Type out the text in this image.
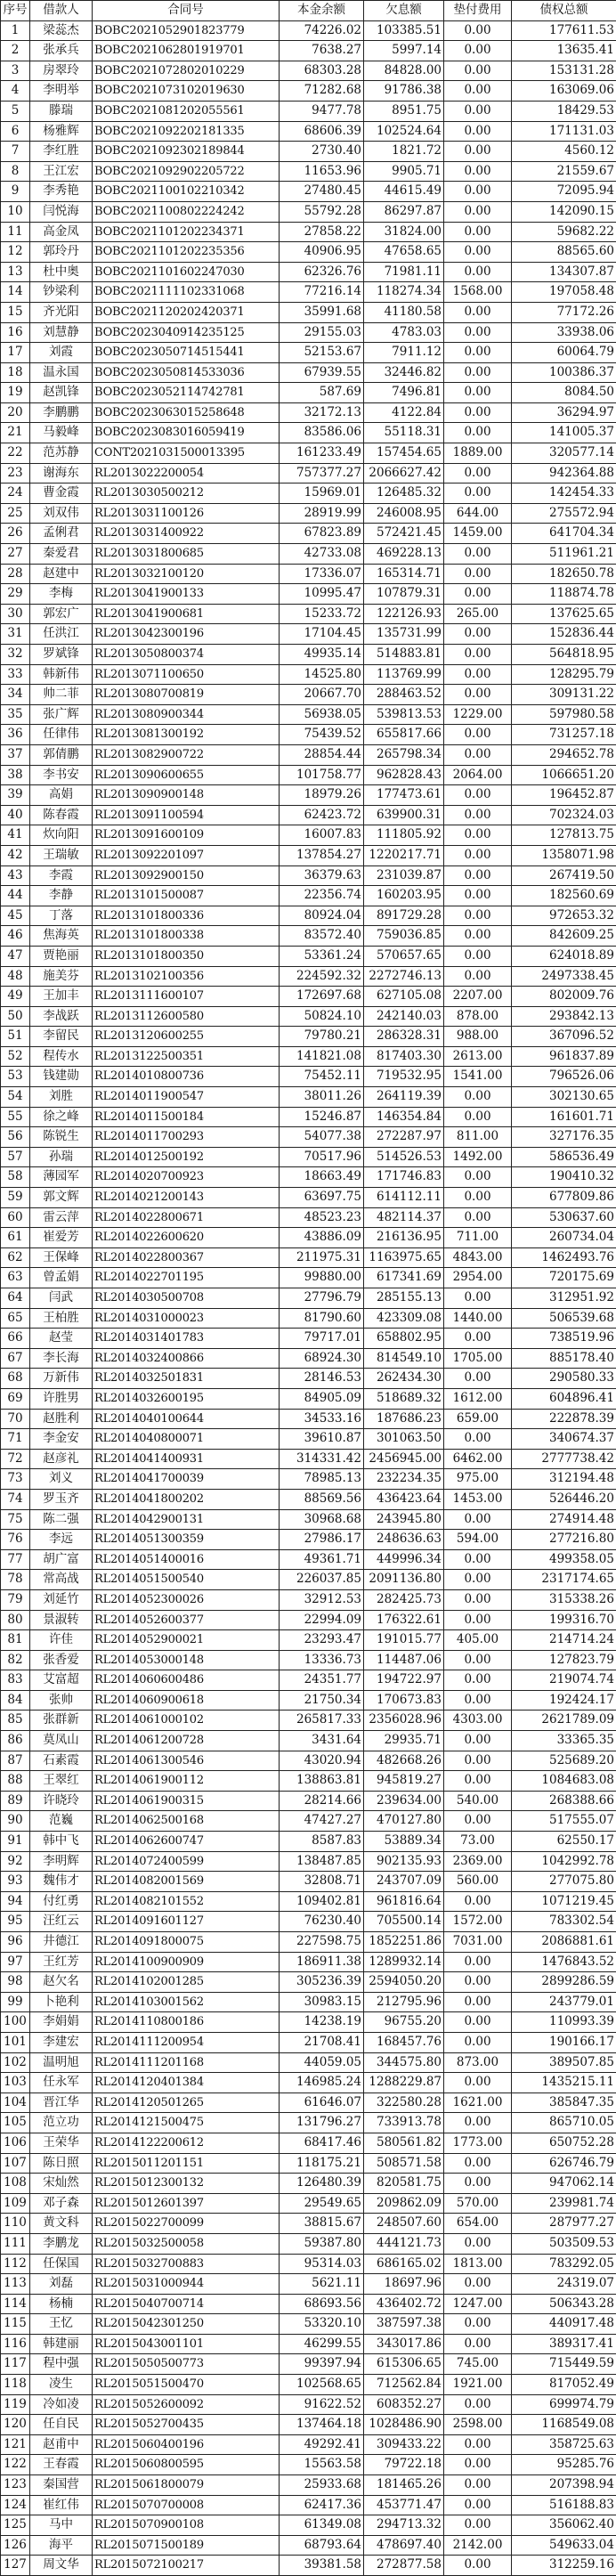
序号	借款人	合同号	本金余额	欠息额	垫付费用	债权总额
1	梁蕊杰	BOBC2021052901823779	74226.02	103385.51	0.00	177611.53
2	张承兵	BOBC2021062801919701	7638.27	5997.14	0.00	13635.41
3	房翠玲	BOBC2021072802010229	68303.28	84828.00	0.00	153131.28
4	李明举	BOBC2021073102019630	71282.68	91786.38	0.00	163069.06
5	滕瑞	BOBC2021081202055561	9477.78	8951.75	0.00	18429.53
6	杨雅辉	BOBC2021092202181335	68606.39	102524.64	0.00	171131.03
7	李红胜	BOBC2021092302189844	2730.40	1821.72	0.00	4560.12
8	王江宏	BOBC2021092902205722	11653.96	9905.71	0.00	21559.67
9	李秀艳	BOBC2021100102210342	27480.45	44615.49	0.00	72095.94
10	闫悦海	BOBC2021100802224242	55792.28	86297.87	0.00	142090.15
11	高金凤	BOBC2021101202234371	27858.22	31824.00	0.00	59682.22
12	郭玲丹	BOBC2021101202235356	40906.95	47658.65	0.00	88565.60
13	杜中奥	BOBC2021101602247030	62326.76	71981.11	0.00	134307.87
14	钞梁利	BOBC2021111102331068	77216.14	118274.34	1568.00	197058.48
15	齐光阳	BOBC2021120202420371	35991.68	41180.58	0.00	77172.26
16	刘慧静	BOBC2023040914235125	29155.03	4783.03	0.00	33938.06
17	刘霞	BOBC2023050714515441	52153.67	7911.12	0.00	60064.79
18	温永国	BOBC2023050814533036	67939.55	32446.82	0.00	100386.37
19	赵凯锋	BOBC2023052114742781	587.69	7496.81	0.00	8084.50
20	李鹏鹏	BOBC2023063015258648	32172.13	4122.84	0.00	36294.97
21	马毅峰	BOBC2023083016059419	83586.06	55118.31	0.00	141005.37
22	范苏静	CONT2021031500013395	161233.49	157454.65	1889.00	320577.14
23	谢海东	RL2013022200054	757377.27	2066627.42	0.00	942364.88
24	曹金霞	RL2013030500212	15969.01	126485.32	0.00	142454.33
25	刘双伟	RL2013031100126	28919.99	246008.95	644.00	275572.94
26	孟俐君	RL2013031400922	67823.89	572421.45	1459.00	641704.34
27	秦爱君	RL2013031800685	42733.08	469228.13	0.00	511961.21
28	赵建中	RL2013032100120	17336.07	165314.71	0.00	182650.78
29	李梅	RL2013041900133	10995.47	107879.31	0.00	118874.78
30	郭宏广	RL2013041900681	15233.72	122126.93	265.00	137625.65
31	任洪江	RL2013042300196	17104.45	135731.99	0.00	152836.44
32	罗斌锋	RL2013050800374	49935.14	514883.81	0.00	564818.95
33	韩新伟	RL2013071100650	14525.80	113769.99	0.00	128295.79
34	帅二菲	RL2013080700819	20667.70	288463.52	0.00	309131.22
35	张广辉	RL2013080900344	56938.05	539813.53	1229.00	597980.58
36	任律伟	RL2013081300192	75439.52	655817.66	0.00	731257.18
37	郭倩鹏	RL2013082900722	28854.44	265798.34	0.00	294652.78
38	李书安	RL2013090600655	101758.77	962828.43	2064.00	1066651.20
39	高娟	RL2013090900148	18979.26	177473.61	0.00	196452.87
40	陈春霞	RL2013091100594	62423.72	639900.31	0.00	702324.03
41	炊向阳	RL2013091600109	16007.83	111805.92	0.00	127813.75
42	王瑞敏	RL2013092201097	137854.27	1220217.71	0.00	1358071.98
43	李霞	RL2013092900150	36379.63	231039.87	0.00	267419.50
44	李静	RL2013101500087	22356.74	160203.95	0.00	182560.69
45	丁落	RL2013101800336	80924.04	891729.28	0.00	972653.32
46	焦海英	RL2013101800338	83572.40	759036.85	0.00	842609.25
47	贾艳丽	RL2013101800350	53361.24	570657.65	0.00	624018.89
48	施美芬	RL2013102100356	224592.32	2272746.13	0.00	2497338.45
49	王加丰	RL2013111600107	172697.68	627105.08	2207.00	802009.76
50	李战跃	RL2013112600580	50824.10	242140.03	878.00	293842.13
51	李留民	RL2013120600255	79780.21	286328.31	988.00	367096.52
52	程传水	RL2013122500351	141821.08	817403.30	2613.00	961837.89
53	钱建勋	RL2014010800736	75452.11	719532.95	1541.00	796526.06
54	刘胜	RL2014011900547	38011.26	264119.39	0.00	302130.65
55	徐之峰	RL2014011500184	15246.87	146354.84	0.00	161601.71
56	陈锐生	RL2014011700293	54077.38	272287.97	811.00	327176.35
57	孙瑞	RL2014012500192	70517.96	514526.53	1492.00	586536.49
58	薄园军	RL2014020700923	18663.49	171746.83	0.00	190410.32
59	郭文辉	RL2014021200143	63697.75	614112.11	0.00	677809.86
60	雷云萍	RL2014022800671	48523.23	482114.37	0.00	530637.60
61	崔爱芳	RL2014022600620	43886.09	216136.95	711.00	260734.04
62	王保峰	RL2014022800367	211975.31	1163975.65	4843.00	1462493.76
63	曾孟娟	RL2014022701195	99880.00	617341.69	2954.00	720175.69
64	闫武	RL2014030500708	27796.79	285155.13	0.00	312951.92
65	王柏胜	RL2014031000023	81790.60	423309.08	1440.00	506539.68
66	赵莹	RL2014031401783	79717.01	658802.95	0.00	738519.96
67	李长海	RL2014032400866	68924.30	814549.10	1705.00	885178.40
68	万新伟	RL2014032501831	28146.53	262434.30	0.00	290580.33
69	许胜男	RL2014032600195	84905.09	518689.32	1612.00	604896.41
70	赵胜利	RL2014040100644	34533.16	187686.23	659.00	222878.39
71	李金安	RL2014040800071	39610.87	301063.50	0.00	340674.37
72	赵彦礼	RL2014041400931	314331.42	2456945.00	6462.00	2777738.42
73	刘义	RL2014041700039	78985.13	232234.35	975.00	312194.48
74	罗玉齐	RL2014041800202	88569.56	436423.64	1453.00	526446.20
75	陈二强	RL2014042900131	30968.68	243945.80	0.00	274914.48
76	李远	RL2014051300359	27986.17	248636.63	594.00	277216.80
77	胡广富	RL2014051400016	49361.71	449996.34	0.00	499358.05
78	常高战	RL2014051500540	226037.85	2091136.80	0.00	2317174.65
79	刘延竹	RL2014052300026	32912.53	282425.73	0.00	315338.26
80	景淑转	RL2014052600377	22994.09	176322.61	0.00	199316.70
81	许佳	RL2014052900021	23293.47	191015.77	405.00	214714.24
82	张香爱	RL2014053000148	13336.73	114487.06	0.00	127823.79
83	艾富超	RL2014060600486	24351.77	194722.97	0.00	219074.74
84	张帅	RL2014060900618	21750.34	170673.83	0.00	192424.17
85	张群新	RL2014061000102	265817.33	2356028.96	4303.00	2621789.09
86	莫凤山	RL2014061200728	3431.64	29935.71	0.00	33365.35
87	石素霞	RL2014061300546	43020.94	482668.26	0.00	525689.20
88	王翠红	RL2014061900112	138863.81	945819.27	0.00	1084683.08
89	许晓玲	RL2014061900315	28214.66	239634.00	540.00	268388.66
90	范巍	RL2014062500168	47427.27	470127.80	0.00	517555.07
91	韩中飞	RL2014062600747	8587.83	53889.34	73.00	62550.17
92	李明辉	RL2014072400599	138487.85	902135.93	2369.00	1042992.78
93	魏伟才	RL2014082001569	32808.71	243707.09	560.00	277075.80
94	付红勇	RL2014082101552	109402.81	961816.64	0.00	1071219.45
95	汪红云	RL2014091601127	76230.40	705500.14	1572.00	783302.54
96	井德江	RL2014091800075	227598.75	1852251.86	7031.00	2086881.61
97	王红芳	RL2014100900909	186911.38	1289932.14	0.00	1476843.52
98	赵欠名	RL2014102001285	305236.39	2594050.20	0.00	2899286.59
99	卜艳利	RL2014103001562	30983.15	212795.96	0.00	243779.01
100	李娟娟	RL2014110800186	14238.19	96755.20	0.00	110993.39
101	李建宏	RL2014111200954	21708.41	168457.76	0.00	190166.17
102	温明旭	RL2014111201168	44059.05	344575.80	873.00	389507.85
103	任永军	RL2014120401384	146985.24	1288229.87	0.00	1435215.11
104	晋江华	RL2014120501265	61646.07	322580.28	1621.00	385847.35
105	范立功	RL2014121500475	131796.27	733913.78	0.00	865710.05
106	王荣华	RL2014122200612	68417.46	580561.82	1773.00	650752.28
107	陈日照	RL2015011201151	118175.21	508571.58	0.00	626746.79
108	宋灿然	RL2015012300132	126480.39	820581.75	0.00	947062.14
109	邓子森	RL2015012601397	29549.65	209862.09	570.00	239981.74
110	黄文科	RL2015022700099	38815.67	248507.60	654.00	287977.27
111	李鹏龙	RL2015032500058	59387.80	444121.73	0.00	503509.53
112	任保国	RL2015032700883	95314.03	686165.02	1813.00	783292.05
113	刘磊	RL2015031000944	5621.11	18697.96	0.00	24319.07
114	杨楠	RL2015040700714	68693.56	436402.72	1247.00	506343.28
115	王忆	RL2015042301250	53320.10	387597.38	0.00	440917.48
116	韩建丽	RL2015043001101	46299.55	343017.86	0.00	389317.41
117	程中强	RL2015050500773	99397.94	615306.65	745.00	715449.59
118	凌生	RL2015051500470	102568.65	712562.84	1921.00	817052.49
119	冷如凌	RL2015052600092	91622.52	608352.27	0.00	699974.79
120	任自民	RL2015052700435	137464.18	1028486.90	2598.00	1168549.08
121	赵甫中	RL2015060400196	49292.41	309433.22	0.00	358725.63
122	王春霞	RL2015060800595	15563.58	79722.18	0.00	95285.76
123	秦国营	RL2015061800079	25933.68	181465.26	0.00	207398.94
124	崔红伟	RL2015070700008	62417.36	453771.47	0.00	516188.83
125	马中	RL2015070900108	61349.08	294713.32	0.00	356062.40
126	海平	RL2015071500189	68793.64	478697.40	2142.00	549633.04
127	周文华	RL2015072100217	39381.58	272877.58	0.00	312259.16
